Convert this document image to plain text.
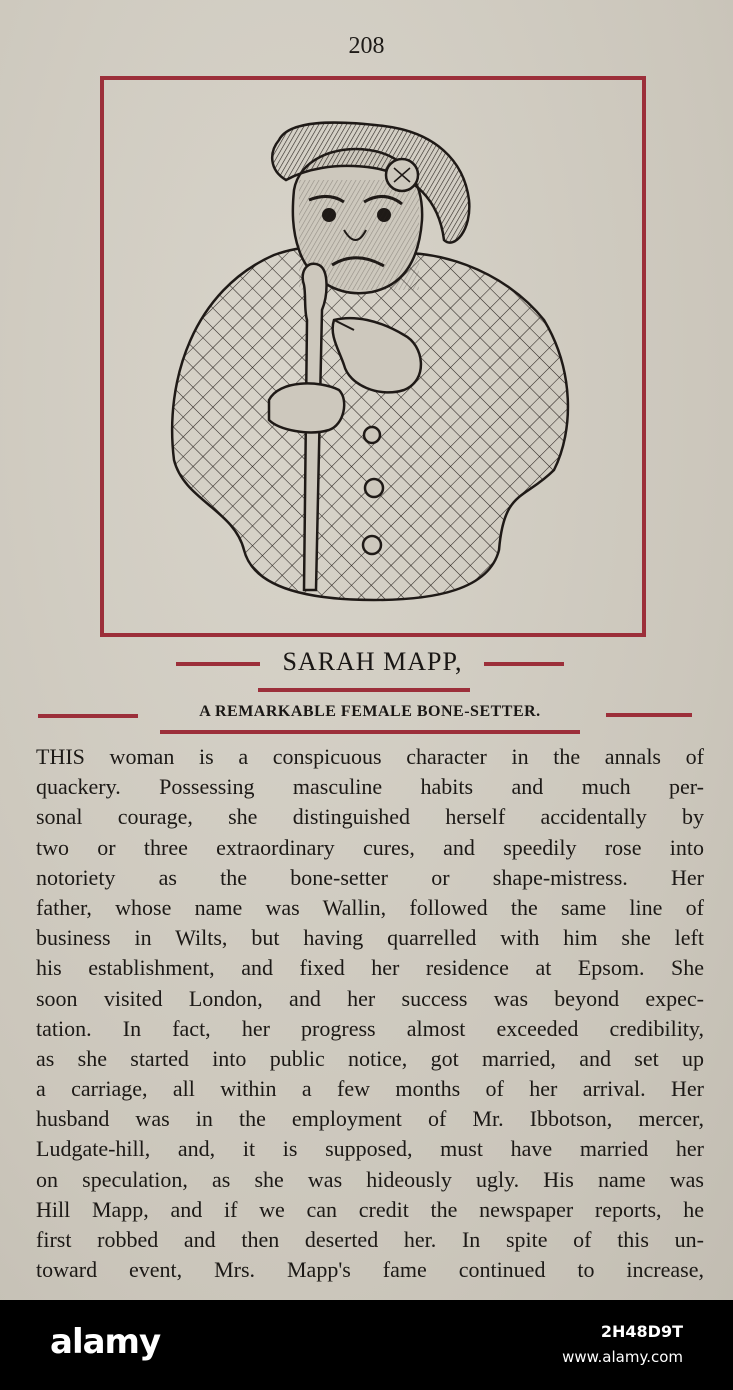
208
SARAH MAPP,
A REMARKABLE FEMALE BONE-SETTER.
THIS woman is a conspicuous character in the annals of
quackery. Possessing masculine habits and much per-
sonal courage, she distinguished herself accidentally by
two or three extraordinary cures, and speedily rose into
notoriety as the bone-setter or shape-mistress. Her
father, whose name was Wallin, followed the same line of
business in Wilts, but having quarrelled with him she left
his establishment, and fixed her residence at Epsom. She
soon visited London, and her success was beyond expec-
tation. In fact, her progress almost exceeded credibility,
as she started into public notice, got married, and set up
a carriage, all within a few months of her arrival. Her
husband was in the employment of Mr. Ibbotson, mercer,
Ludgate-hill, and, it is supposed, must have married her
on speculation, as she was hideously ugly. His name was
Hill Mapp, and if we can credit the newspaper reports, he
first robbed and then deserted her. In spite of this un-
toward event, Mrs. Mapp's fame continued to increase,
alamy	2H48D9T
www.alamy.com
